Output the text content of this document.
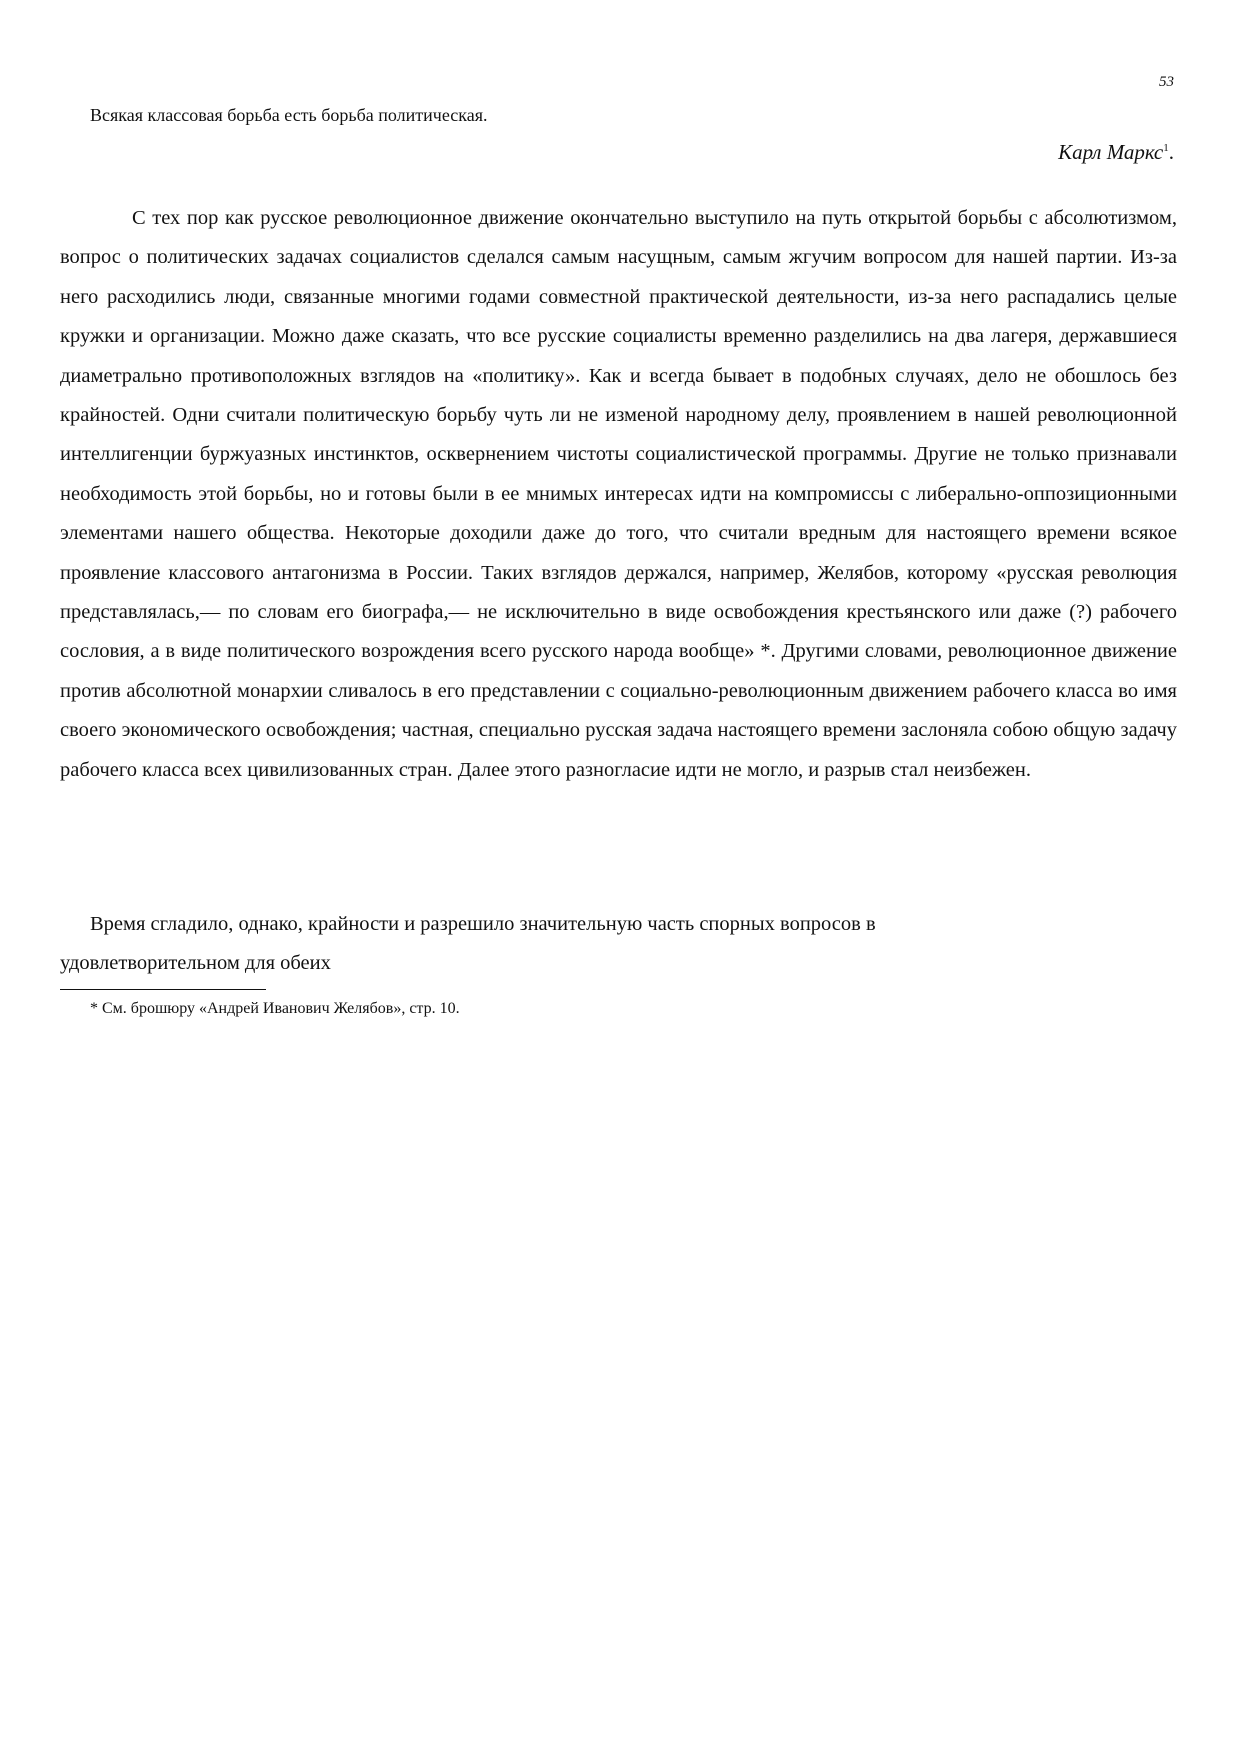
53
Всякая классовая борьба есть борьба политическая.
Карл Маркс$^1$.

С тех пор как русское революционное движение окончательно выступило на путь открытой борьбы с абсолютизмом, вопрос о политических задачах социалистов сделался самым насущным, самым жгучим вопросом для нашей партии. Из-за него расходились люди, связанные многими годами совместной практической деятельности, из-за него распадались целые кружки и организации. Можно даже сказать, что все русские социалисты временно разделились на два лагеря, державшиеся диаметрально противоположных взглядов на «политику». Как и всегда бывает в подобных случаях, дело не обошлось без крайностей. Одни считали политическую борьбу чуть ли не изменой народному делу, проявлением в нашей революционной интеллигенции буржуазных инстинктов, осквернением чистоты социалистической программы. Другие не только признавали необходимость этой борьбы, но и готовы были в ее мнимых интересах идти на компромиссы с либерально-оппозиционными элементами нашего общества. Некоторые доходили даже до того, что считали вредным для настоящего времени всякое проявление классового антагонизма в России. Таких взглядов держался, например, Желябов, которому «русская революция представлялась,— по словам его биографа,— не исключительно в виде освобождения крестьянского или даже (?) рабочего сословия, а в виде политического возрождения всего русского народа вообще» *. Другими словами, революционное движение против абсолютной монархии сливалось в его представлении с социально-революционным движением рабочего класса во имя своего экономического освобождения; частная, специально русская задача настоящего времени заслоняла собою общую задачу рабочего класса всех цивилизованных стран. Далее этого разногласие идти не могло, и разрыв стал неизбежен.

Время сгладило, однако, крайности и разрешило значительную часть спорных вопросов в
удовлетворительном для обеих

* См. брошюру «Андрей Иванович Желябов», стр. 10.
